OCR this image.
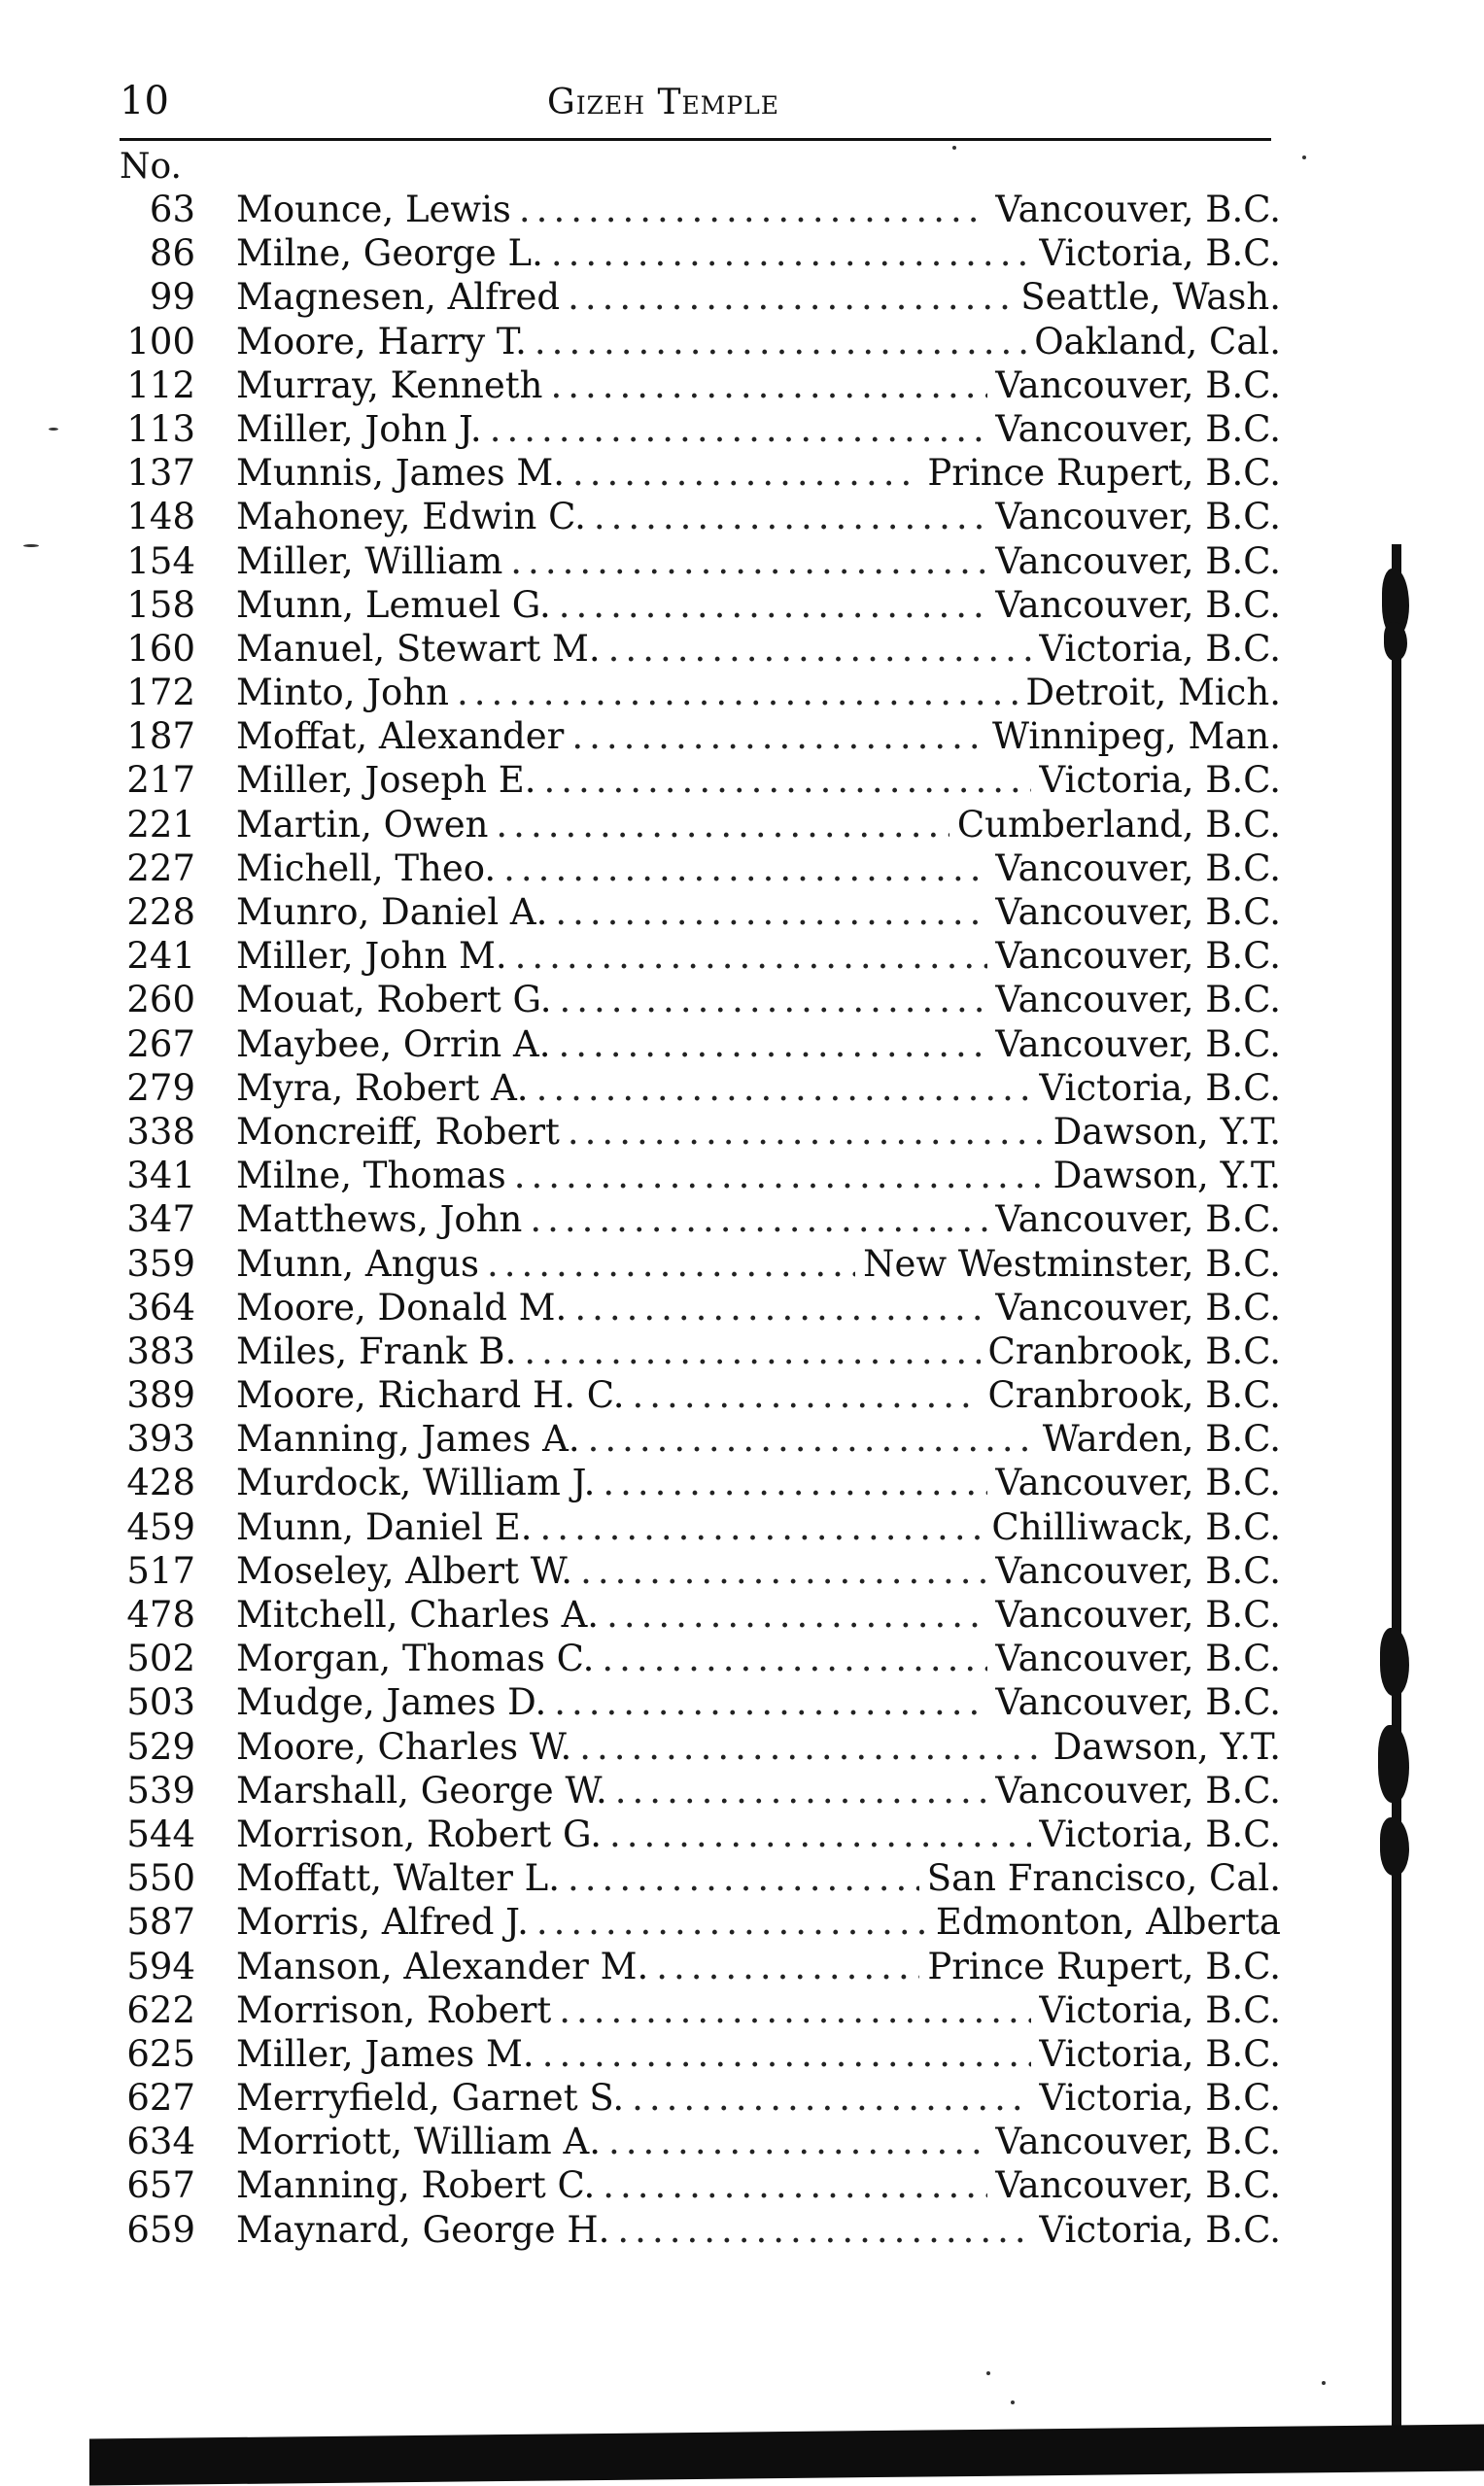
10	Gizeh Temple
No.
63 Mounce, Lewis .....	Vancouver, B.C.
86 Milne, George L. .....	Victoria, B.C.
99 Magnesen, Alfred .....	Seattle, Wash.
100 Moore, Harry T. .....	Oakland, Cal.
112 Murray, Kenneth .....	Vancouver, B.C.
113 Miller, John J. .....	Vancouver, B.C.
137 Munnis, James M. .....	Prince Rupert, B.C.
148 Mahoney, Edwin C. .....	Vancouver, B.C.
154 Miller, William .....	Vancouver, B.C.
158 Munn, Lemuel G. .....	Vancouver, B.C.
160 Manuel, Stewart M. .....	Victoria, B.C.
172 Minto, John .....	Detroit, Mich.
187 Moffat, Alexander .....	Winnipeg, Man.
217 Miller, Joseph E. .....	Victoria, B.C.
221 Martin, Owen .....	Cumberland, B.C.
227 Michell, Theo. .....	Vancouver, B.C.
228 Munro, Daniel A. .....	Vancouver, B.C.
241 Miller, John M. .....	Vancouver, B.C.
260 Mouat, Robert G. .....	Vancouver, B.C.
267 Maybee, Orrin A. .....	Vancouver, B.C.
279 Myra, Robert A. .....	Victoria, B.C.
338 Moncreiff, Robert .....	Dawson, Y.T.
341 Milne, Thomas .....	Dawson, Y.T.
347 Matthews, John .....	Vancouver, B.C.
359 Munn, Angus .....	New Westminster, B.C.
364 Moore, Donald M. .....	Vancouver, B.C.
383 Miles, Frank B. .....	Cranbrook, B.C.
389 Moore, Richard H. C. .....	Cranbrook, B.C.
393 Manning, James A. .....	Warden, B.C.
428 Murdock, William J. .....	Vancouver, B.C.
459 Munn, Daniel E. .....	Chilliwack, B.C.
517 Moseley, Albert W. .....	Vancouver, B.C.
478 Mitchell, Charles A. .....	Vancouver, B.C.
502 Morgan, Thomas C. .....	Vancouver, B.C.
503 Mudge, James D. .....	Vancouver, B.C.
529 Moore, Charles W. .....	Dawson, Y.T.
539 Marshall, George W. .....	Vancouver, B.C.
544 Morrison, Robert G. .....	Victoria, B.C.
550 Moffatt, Walter L. .....	San Francisco, Cal.
587 Morris, Alfred J. .....	Edmonton, Alberta
594 Manson, Alexander M. .....	Prince Rupert, B.C.
622 Morrison, Robert .....	Victoria, B.C.
625 Miller, James M. .....	Victoria, B.C.
627 Merryfield, Garnet S. .....	Victoria, B.C.
634 Morriott, William A. .....	Vancouver, B.C.
657 Manning, Robert C. .....	Vancouver, B.C.
659 Maynard, George H. .....	Victoria, B.C.
